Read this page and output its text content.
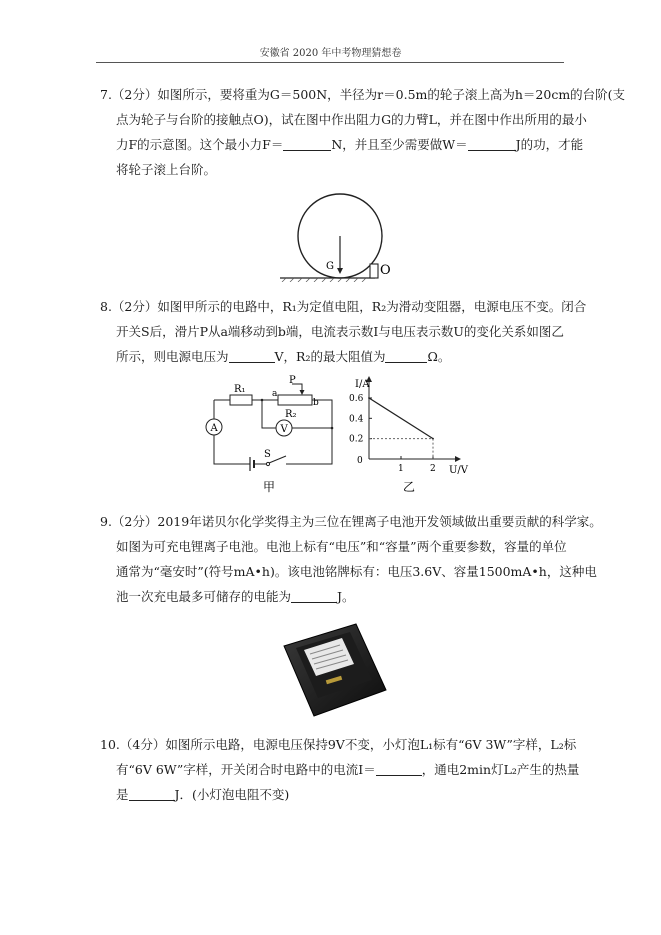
安徽省 2020 年中考物理猜想卷

7.（2分）如图所示，要将重为G＝500N，半径为r＝0.5m的轮子滚上高为h＝20cm的台阶(支

点为轮子与台阶的接触点O)，试在图中作出阻力G的力臂L，并在图中作出所用的最小

力F的示意图。这个最小力F＝	N，并且至少需要做W＝	J的功，才能

将轮子滚上台阶。

G	O

8.（2分）如图甲所示的电路中，R₁为定值电阻，R₂为滑动变阻器，电源电压不变。闭合

开关S后，滑片P从a端移动到b端，电流表示数I与电压表示数U的变化关系如图乙

所示，则电源电压为	V，R₂的最大阻值为	Ω。

A	V
R₁
R₂
P
a
b
S
甲
0.2
0.4
0.6
1	2
I/A
U/V
0
乙

9.（2分）2019年诺贝尔化学奖得主为三位在锂离子电池开发领域做出重要贡献的科学家。

如图为可充电锂离子电池。电池上标有“电压”和“容量”两个重要参数，容量的单位

通常为“毫安时”(符号mA•h)。该电池铭牌标有：电压3.6V、容量1500mA•h，这种电

池一次充电最多可储存的电能为	J。

10.（4分）如图所示电路，电源电压保持9V不变，小灯泡L₁标有“6V 3W”字样，L₂标

有“6V 6W”字样，开关闭合时电路中的电流I＝	，通电2min灯L₂产生的热量

是	J．(小灯泡电阻不变)
